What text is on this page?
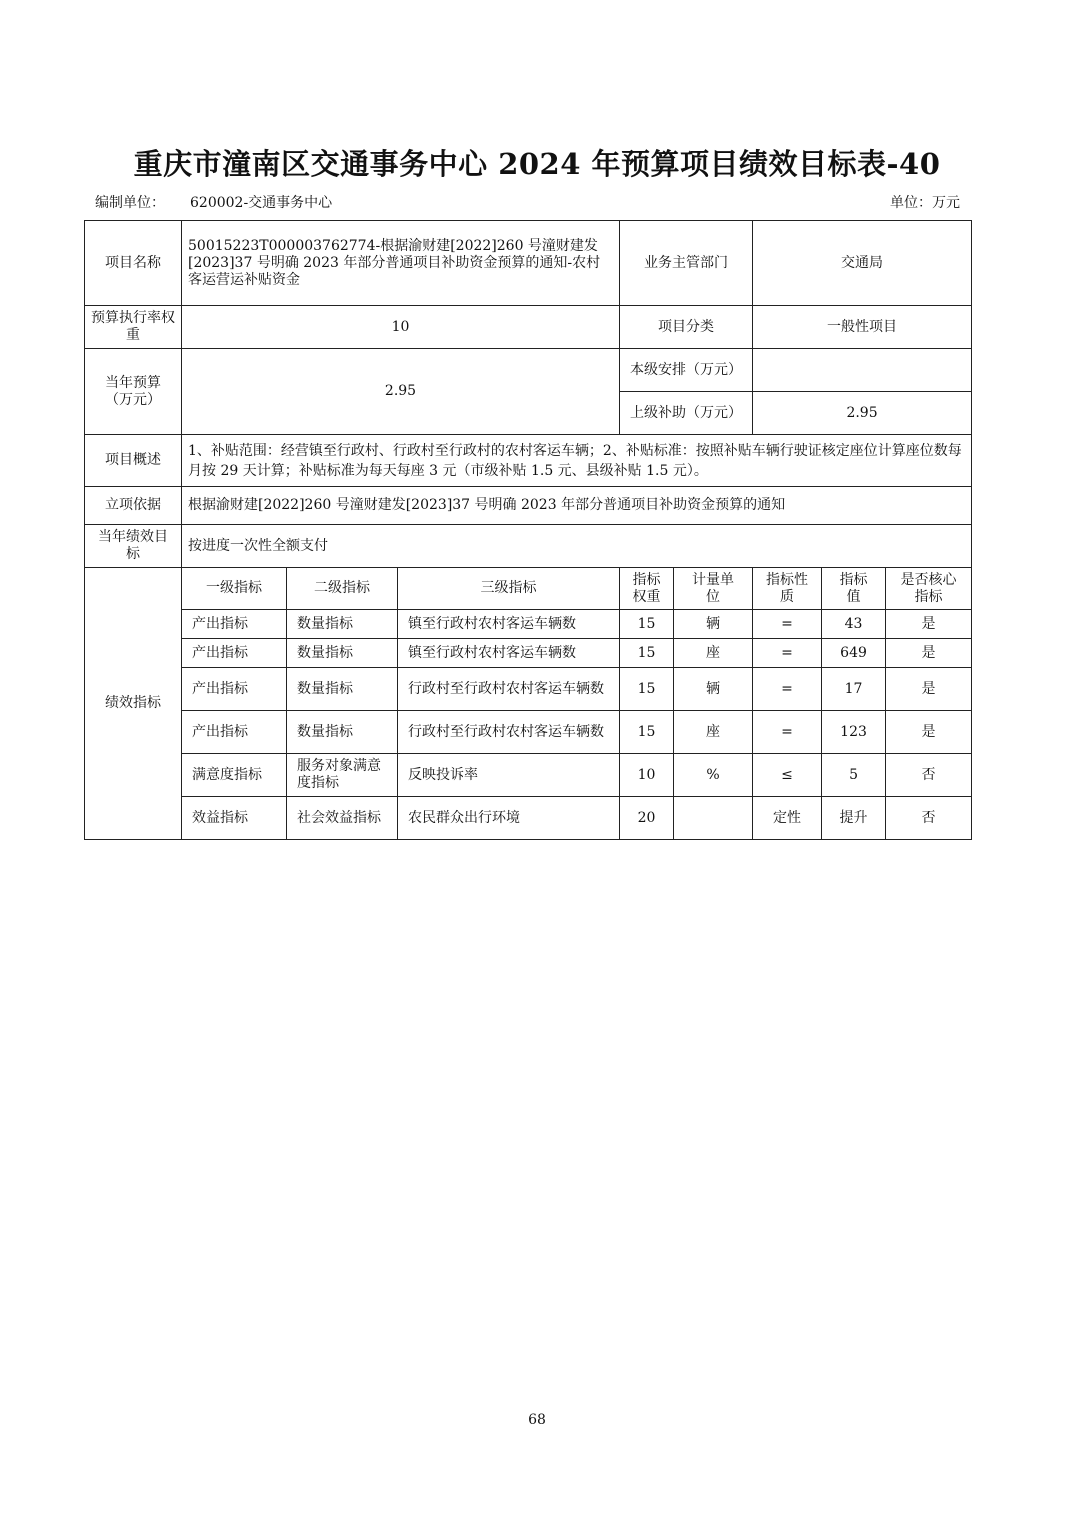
重庆市潼南区交通事务中心 2024 年预算项目绩效目标表-40
编制单位： 620002-交通事务中心	单位：万元
项目名称	50015223T000003762774-根据渝财建[2022]260 号潼财建发[2023]37 号明确 2023 年部分普通项目补助资金预算的通知-农村客运营运补贴资金			业务主管部门		交通局		
预算执行率权重	10			项目分类		一般性项目		
当年预算（万元）	2.95			本级安排（万元）				
				上级补助（万元）		2.95		
项目概述	1、补贴范围：经营镇至行政村、行政村至行政村的农村客运车辆；2、补贴标准：按照补贴车辆行驶证核定座位计算座位数每月按 29 天计算；补贴标准为每天每座 3 元（市级补贴 1.5 元、县级补贴 1.5 元）。							
立项依据	根据渝财建[2022]260 号潼财建发[2023]37 号明确 2023 年部分普通项目补助资金预算的通知							
当年绩效目标	按进度一次性全额支付							
绩效指标	一级指标	二级指标	三级指标	指标权重	计量单位	指标性质	指标值	是否核心指标
	产出指标	数量指标	镇至行政村农村客运车辆数	15	辆	=	43	是
	产出指标	数量指标	镇至行政村农村客运车辆数	15	座	=	649	是
	产出指标	数量指标	行政村至行政村农村客运车辆数	15	辆	=	17	是
	产出指标	数量指标	行政村至行政村农村客运车辆数	15	座	=	123	是
	满意度指标	服务对象满意度指标	反映投诉率	10	%	≤	5	否
	效益指标	社会效益指标	农民群众出行环境	20		定性	提升	否
68
